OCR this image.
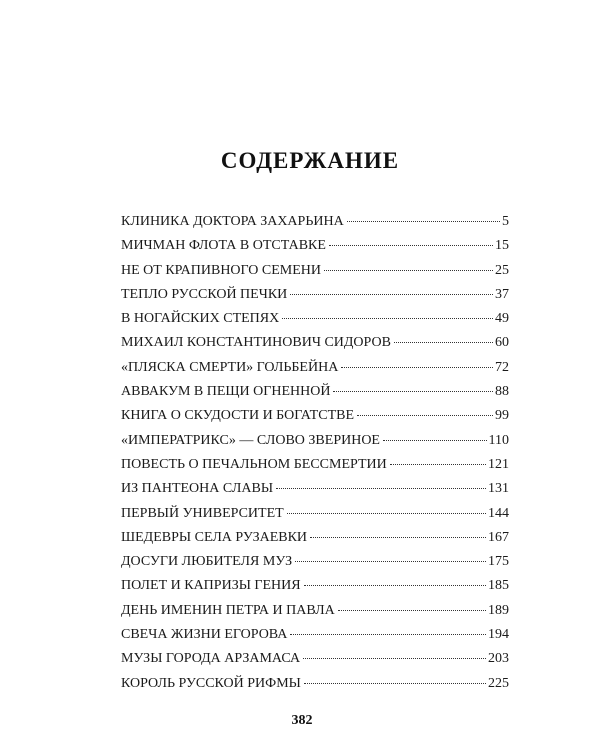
СОДЕРЖАНИЕ
КЛИНИКА ДОКТОРА ЗАХАРЬИНА	5
МИЧМАН ФЛОТА В ОТСТАВКЕ	15
НЕ ОТ КРАПИВНОГО СЕМЕНИ	25
ТЕПЛО РУССКОЙ ПЕЧКИ	37
В НОГАЙСКИХ СТЕПЯХ	49
МИХАИЛ КОНСТАНТИНОВИЧ СИДОРОВ	60
«ПЛЯСКА СМЕРТИ» ГОЛЬБЕЙНА	72
АВВАКУМ В ПЕЩИ ОГНЕННОЙ	88
КНИГА О СКУДОСТИ И БОГАТСТВЕ	99
«ИМПЕРАТРИКС» — СЛОВО ЗВЕРИНОЕ	110
ПОВЕСТЬ О ПЕЧАЛЬНОМ БЕССМЕРТИИ	121
ИЗ ПАНТЕОНА СЛАВЫ	131
ПЕРВЫЙ УНИВЕРСИТЕТ	144
ШЕДЕВРЫ СЕЛА РУЗАЕВКИ	167
ДОСУГИ ЛЮБИТЕЛЯ МУЗ	175
ПОЛЕТ И КАПРИЗЫ ГЕНИЯ	185
ДЕНЬ ИМЕНИН ПЕТРА И ПАВЛА	189
СВЕЧА ЖИЗНИ ЕГОРОВА	194
МУЗЫ ГОРОДА АРЗАМАСА	203
КОРОЛЬ РУССКОЙ РИФМЫ	225
382
